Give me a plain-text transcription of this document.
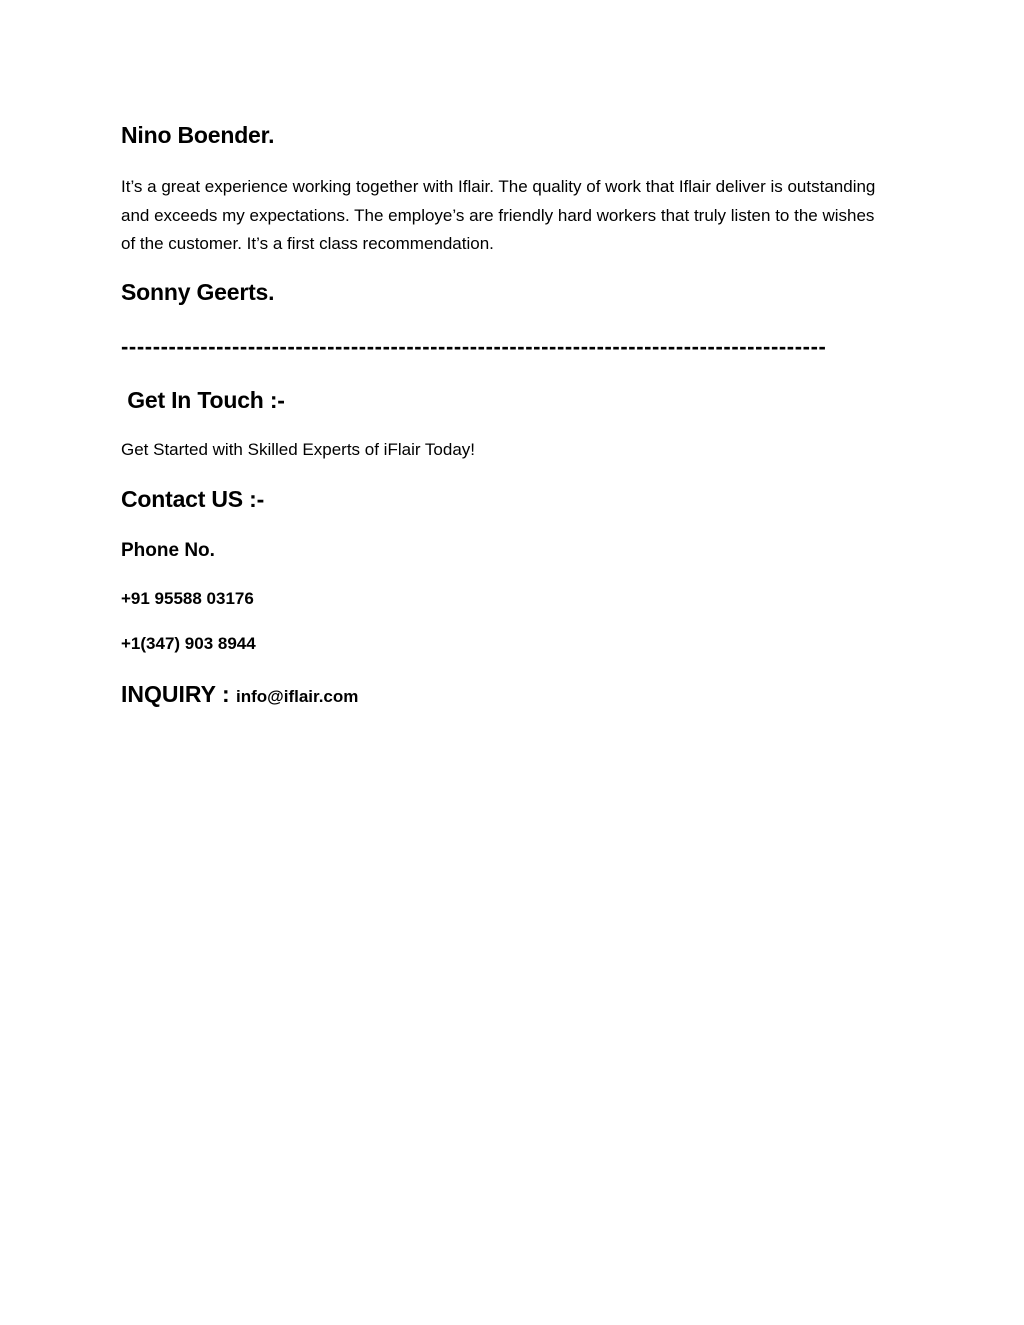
Nino Boender.

It’s a great experience working together with Iflair. The quality of work that Iflair deliver is outstanding and exceeds my expectations. The employe’s are friendly hard workers that truly listen to the wishes of the customer. It’s a first class recommendation.

Sonny Geerts.
-----------------------------------------------------------------------------------------
Get In Touch :-
Get Started with Skilled Experts of iFlair Today!
Contact US :-
Phone No.
+91 95588 03176
+1(347) 903 8944
INQUIRY : info@iflair.com
